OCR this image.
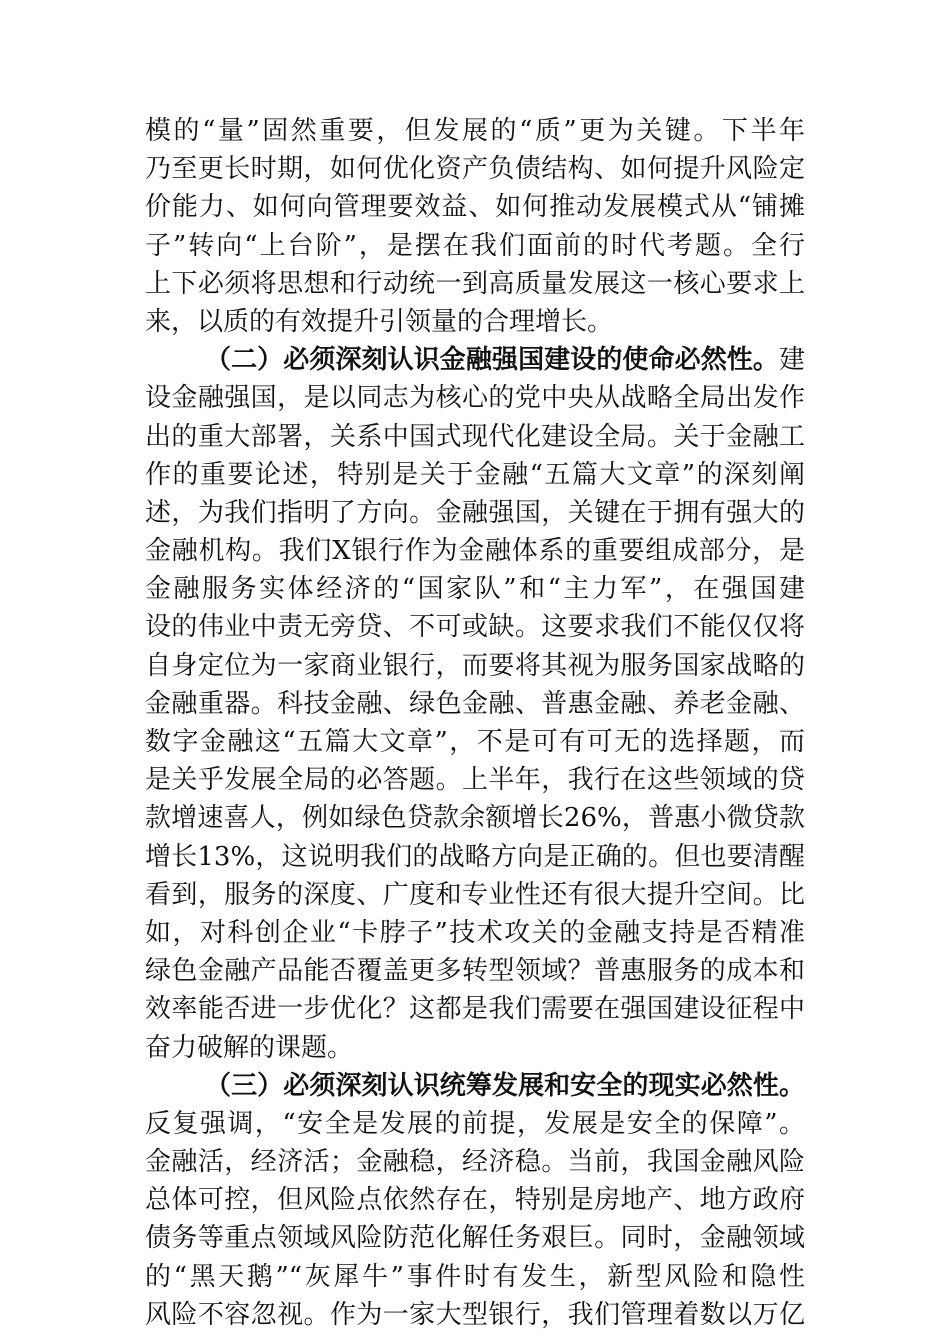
模的“量”固然重要，但发展的“质”更为关键。下半年
乃至更长时期，如何优化资产负债结构、如何提升风险定
价能力、如何向管理要效益、如何推动发展模式从“铺摊
子”转向“上台阶”，是摆在我们面前的时代考题。全行
上下必须将思想和行动统一到高质量发展这一核心要求上
来，以质的有效提升引领量的合理增长。
（二）必须深刻认识金融强国建设的使命必然性。建
设金融强国，是以同志为核心的党中央从战略全局出发作
出的重大部署，关系中国式现代化建设全局。关于金融工
作的重要论述，特别是关于金融“五篇大文章”的深刻阐
述，为我们指明了方向。金融强国，关键在于拥有强大的
金融机构。我们X银行作为金融体系的重要组成部分，是
金融服务实体经济的“国家队”和“主力军”，在强国建
设的伟业中责无旁贷、不可或缺。这要求我们不能仅仅将
自身定位为一家商业银行，而要将其视为服务国家战略的
金融重器。科技金融、绿色金融、普惠金融、养老金融、
数字金融这“五篇大文章”，不是可有可无的选择题，而
是关乎发展全局的必答题。上半年，我行在这些领域的贷
款增速喜人，例如绿色贷款余额增长26%，普惠小微贷款
增长13%，这说明我们的战略方向是正确的。但也要清醒
看到，服务的深度、广度和专业性还有很大提升空间。比
如，对科创企业“卡脖子”技术攻关的金融支持是否精准
绿色金融产品能否覆盖更多转型领域？普惠服务的成本和
效率能否进一步优化？这都是我们需要在强国建设征程中
奋力破解的课题。
（三）必须深刻认识统筹发展和安全的现实必然性。
反复强调，“安全是发展的前提，发展是安全的保障”。
金融活，经济活；金融稳，经济稳。当前，我国金融风险
总体可控，但风险点依然存在，特别是房地产、地方政府
债务等重点领域风险防范化解任务艰巨。同时，金融领域
的“黑天鹅”“灰犀牛”事件时有发生，新型风险和隐性
风险不容忽视。作为一家大型银行，我们管理着数以万亿
